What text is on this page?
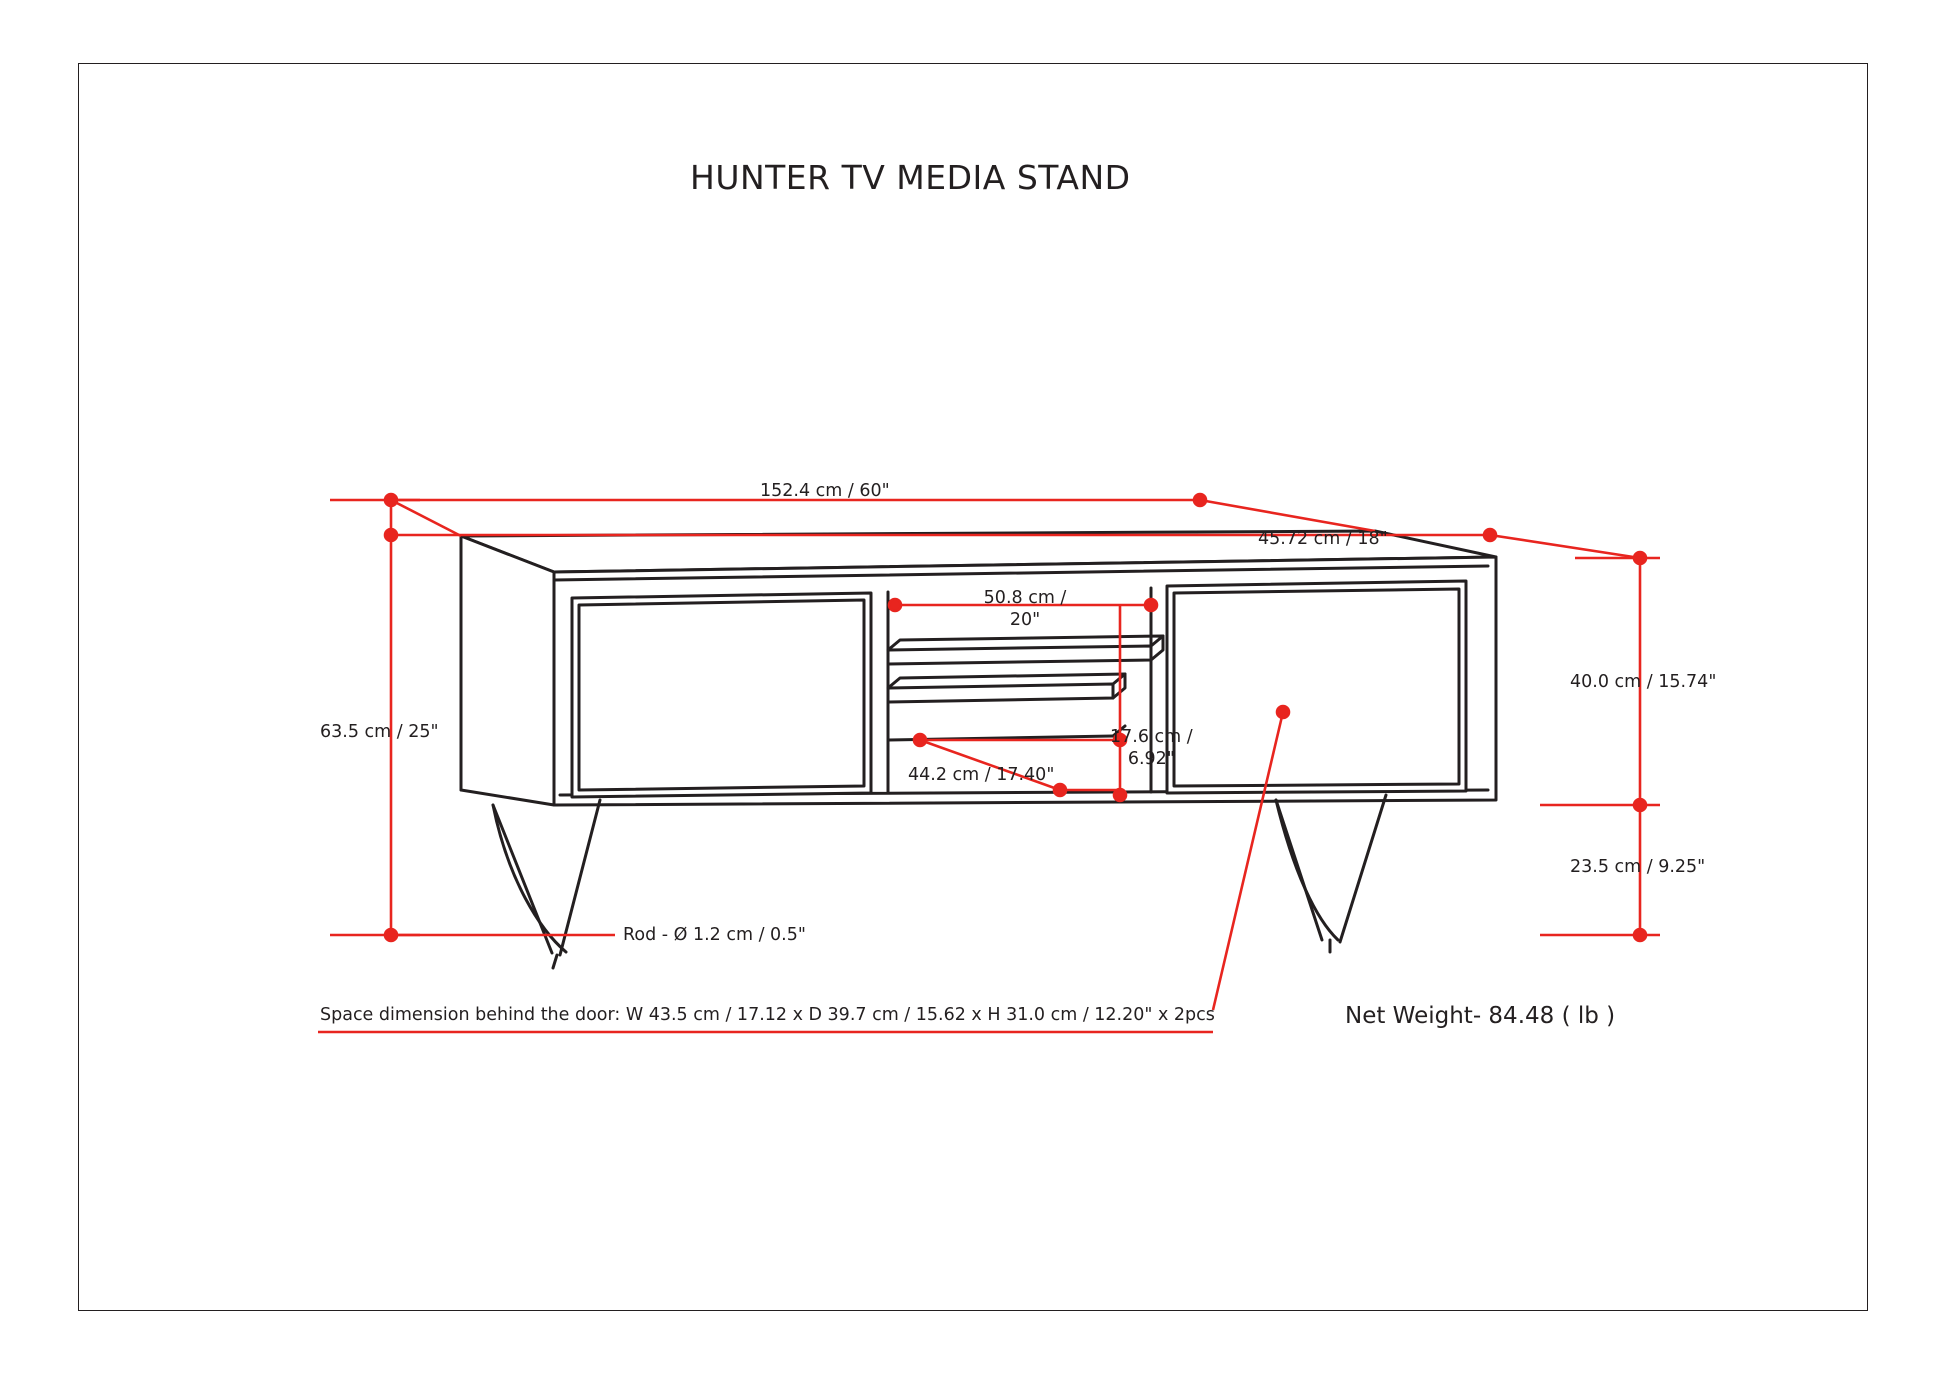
HUNTER TV MEDIA STAND
152.4 cm / 60"
45.72 cm / 18"
63.5 cm / 25"
40.0 cm / 15.74"
23.5 cm / 9.25"
50.8 cm /
20"
44.2 cm / 17.40"
17.6 cm /
6.92"
Rod - Ø 1.2 cm / 0.5"
Space dimension behind the door: W 43.5 cm / 17.12 x D 39.7 cm / 15.62 x H 31.0 cm / 12.20" x 2pcs	Net Weight- 84.48 ( lb )
